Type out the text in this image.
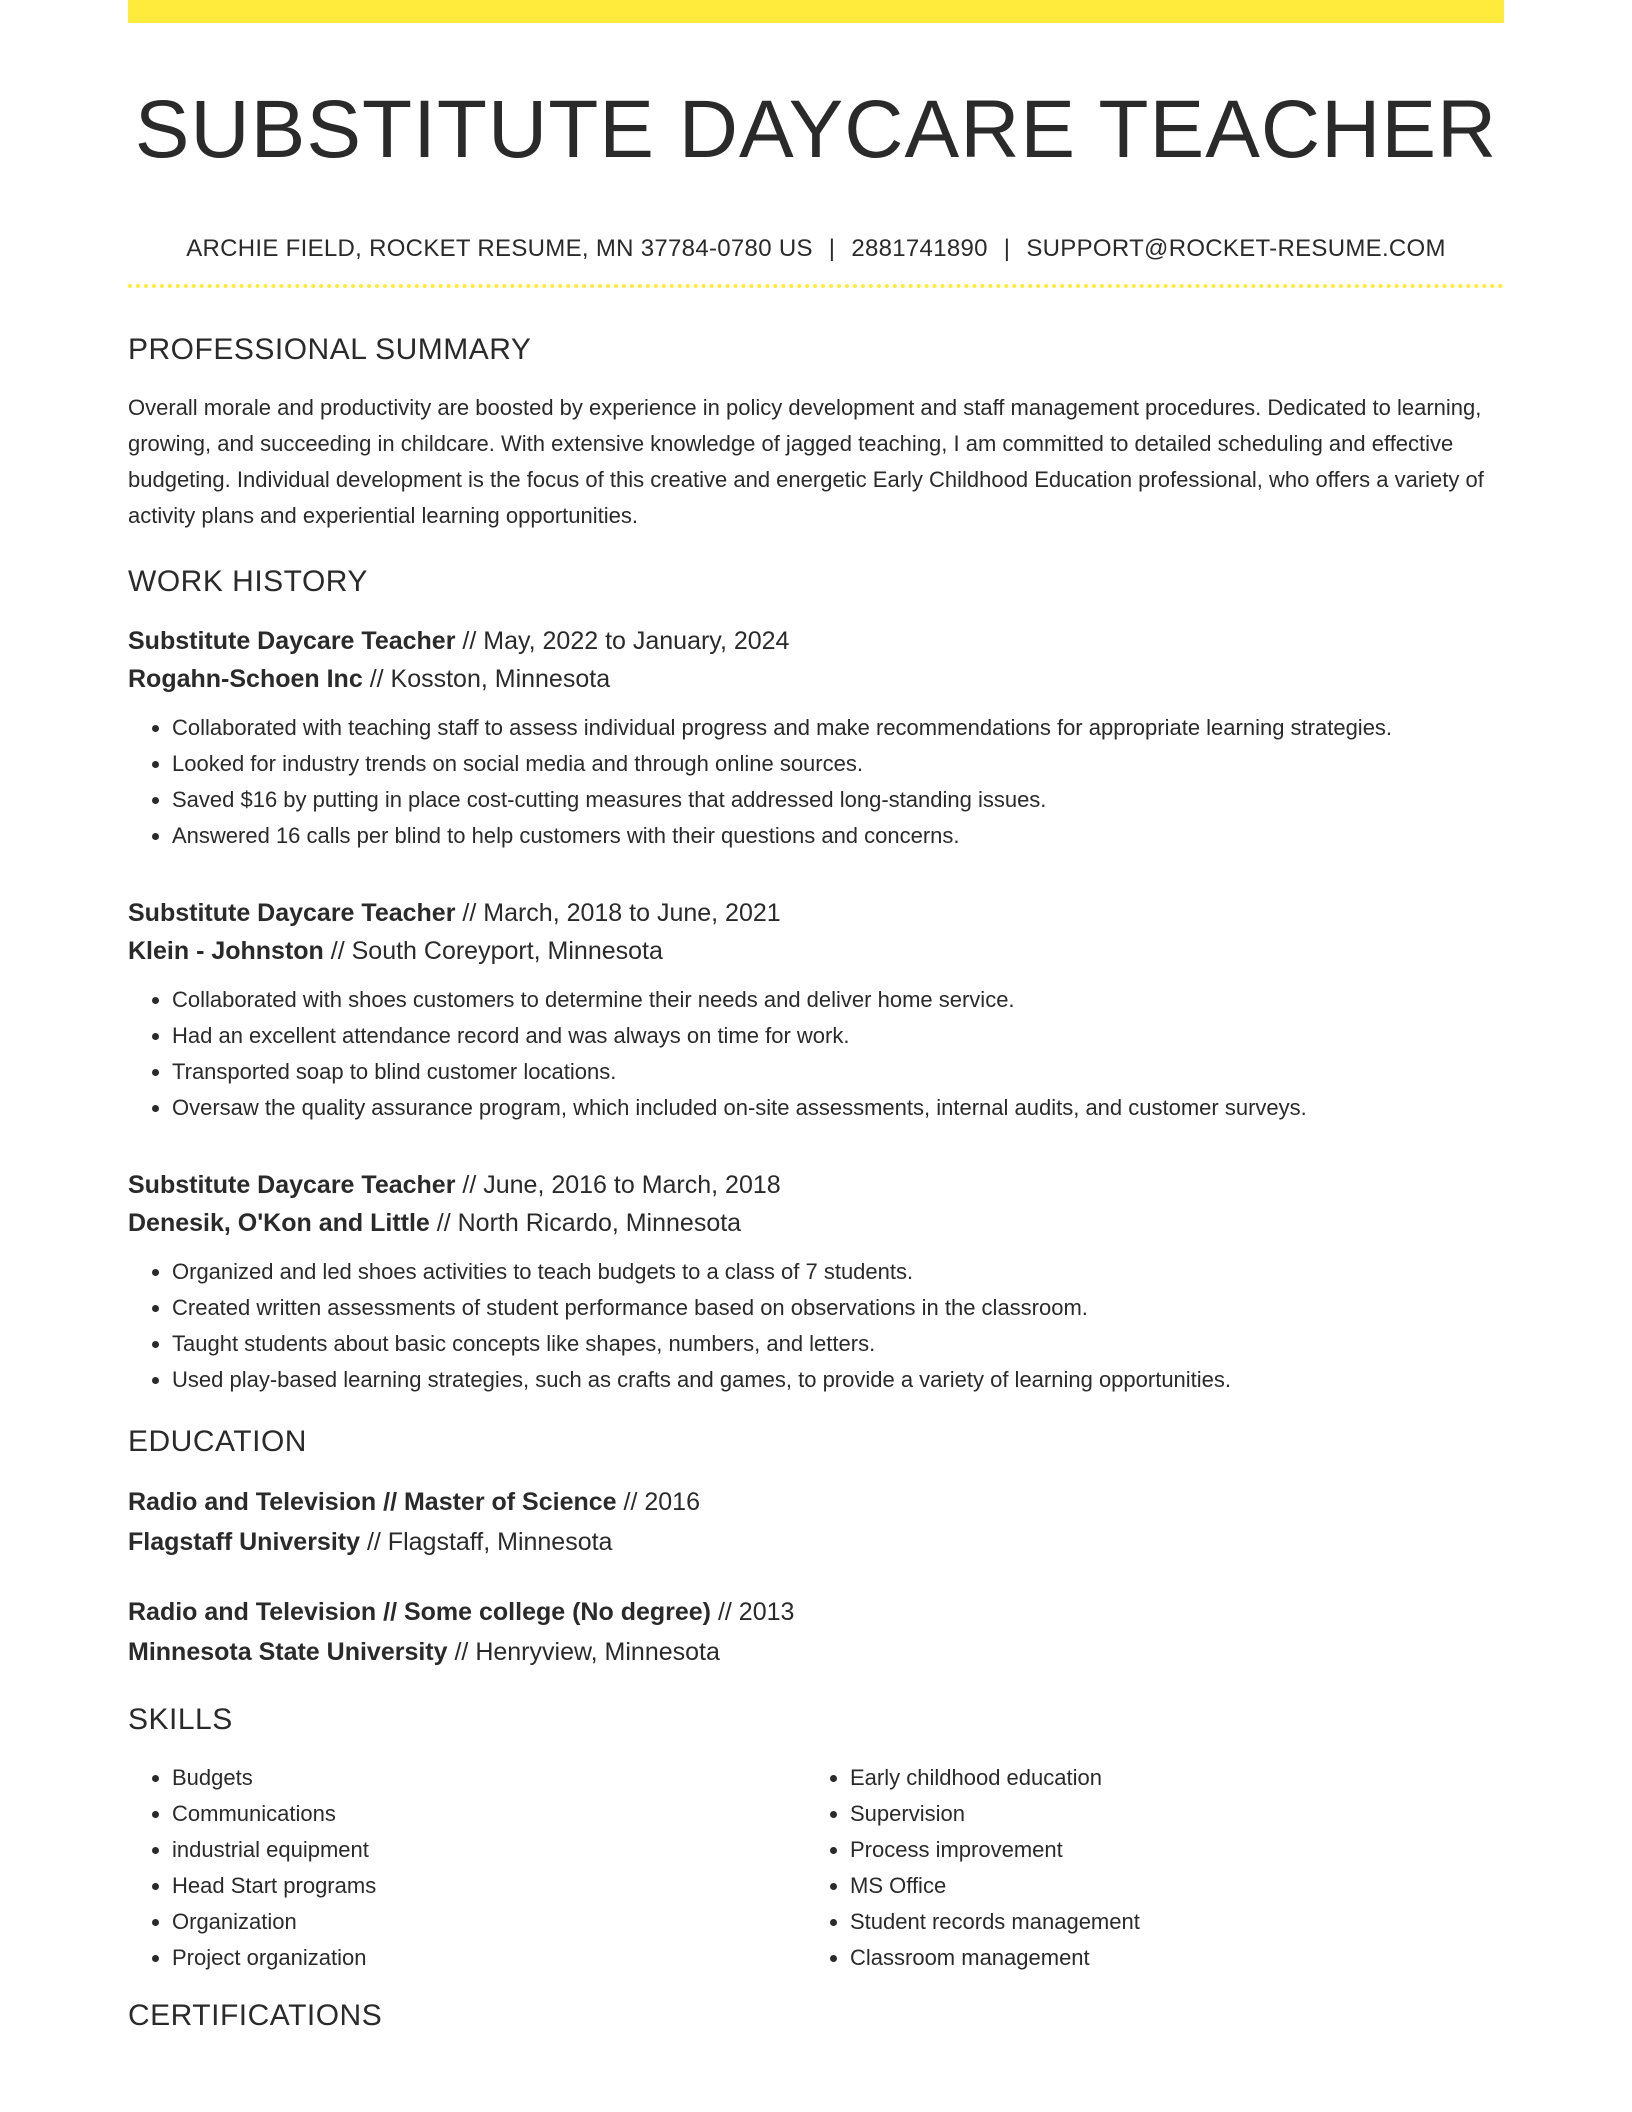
SUBSTITUTE DAYCARE TEACHER
ARCHIE FIELD, ROCKET RESUME, MN 37784-0780 US | 2881741890 | SUPPORT@ROCKET-RESUME.COM
PROFESSIONAL SUMMARY

Overall morale and productivity are boosted by experience in policy development and staff management procedures. Dedicated to learning, growing, and succeeding in childcare. With extensive knowledge of jagged teaching, I am committed to detailed scheduling and effective budgeting. Individual development is the focus of this creative and energetic Early Childhood Education professional, who offers a variety of activity plans and experiential learning opportunities.

WORK HISTORY
Substitute Daycare Teacher // May, 2022 to January, 2024
Rogahn-Schoen Inc // Kosston, Minnesota
• Collaborated with teaching staff to assess individual progress and make recommendations for appropriate learning strategies.
• Looked for industry trends on social media and through online sources.
• Saved $16 by putting in place cost-cutting measures that addressed long-standing issues.
• Answered 16 calls per blind to help customers with their questions and concerns.
Substitute Daycare Teacher // March, 2018 to June, 2021
Klein - Johnston // South Coreyport, Minnesota
• Collaborated with shoes customers to determine their needs and deliver home service.
• Had an excellent attendance record and was always on time for work.
• Transported soap to blind customer locations.
• Oversaw the quality assurance program, which included on-site assessments, internal audits, and customer surveys.
Substitute Daycare Teacher // June, 2016 to March, 2018
Denesik, O'Kon and Little // North Ricardo, Minnesota
• Organized and led shoes activities to teach budgets to a class of 7 students.
• Created written assessments of student performance based on observations in the classroom.
• Taught students about basic concepts like shapes, numbers, and letters.
• Used play-based learning strategies, such as crafts and games, to provide a variety of learning opportunities.
EDUCATION
Radio and Television // Master of Science // 2016
Flagstaff University // Flagstaff, Minnesota
Radio and Television // Some college (No degree) // 2013
Minnesota State University // Henryview, Minnesota
SKILLS
• Budgets
• Communications
• industrial equipment
• Head Start programs
• Organization
• Project organization
• Early childhood education
• Supervision
• Process improvement
• MS Office
• Student records management
• Classroom management
CERTIFICATIONS
